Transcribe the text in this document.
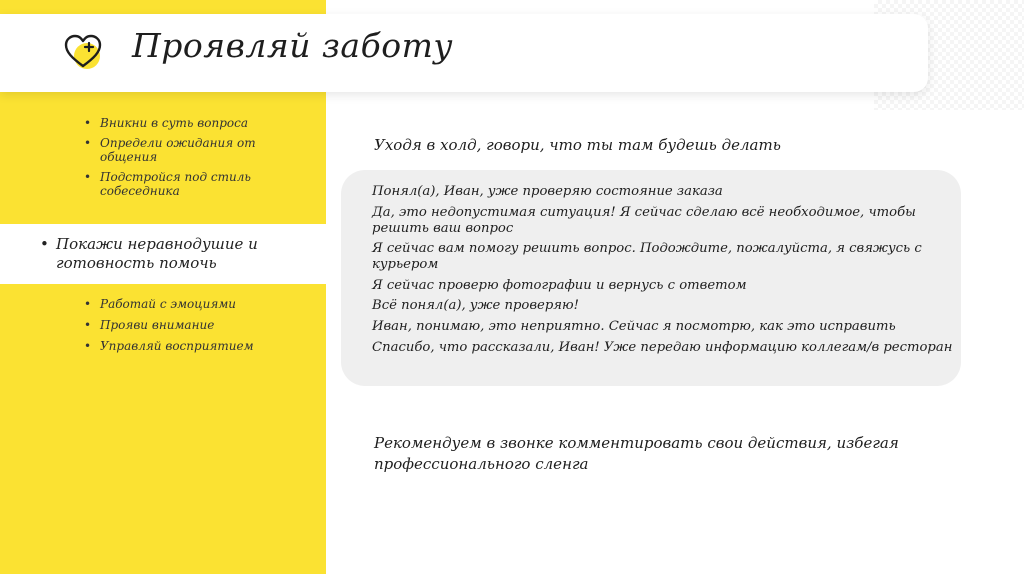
Проявляй заботу
• Вникни в суть вопроса
• Определи ожидания от общения
• Подстройся под стиль собеседника
• Покажи неравнодушие и готовность помочь
• Работай с эмоциями
• Прояви внимание
• Управляй восприятием

Уходя в холд, говори, что ты там будешь делать

Понял(а), Иван, уже проверяю состояние заказа
Да, это недопустимая ситуация! Я сейчас сделаю всё необходимое, чтобы решить ваш вопрос
Я сейчас вам помогу решить вопрос. Подождите, пожалуйста, я свяжусь с курьером
Я сейчас проверю фотографии и вернусь с ответом
Всё понял(а), уже проверяю!
Иван, понимаю, это неприятно. Сейчас я посмотрю, как это исправить
Спасибо, что рассказали, Иван! Уже передаю информацию коллегам/в ресторан

Рекомендуем в звонке комментировать свои действия, избегая профессионального сленга
